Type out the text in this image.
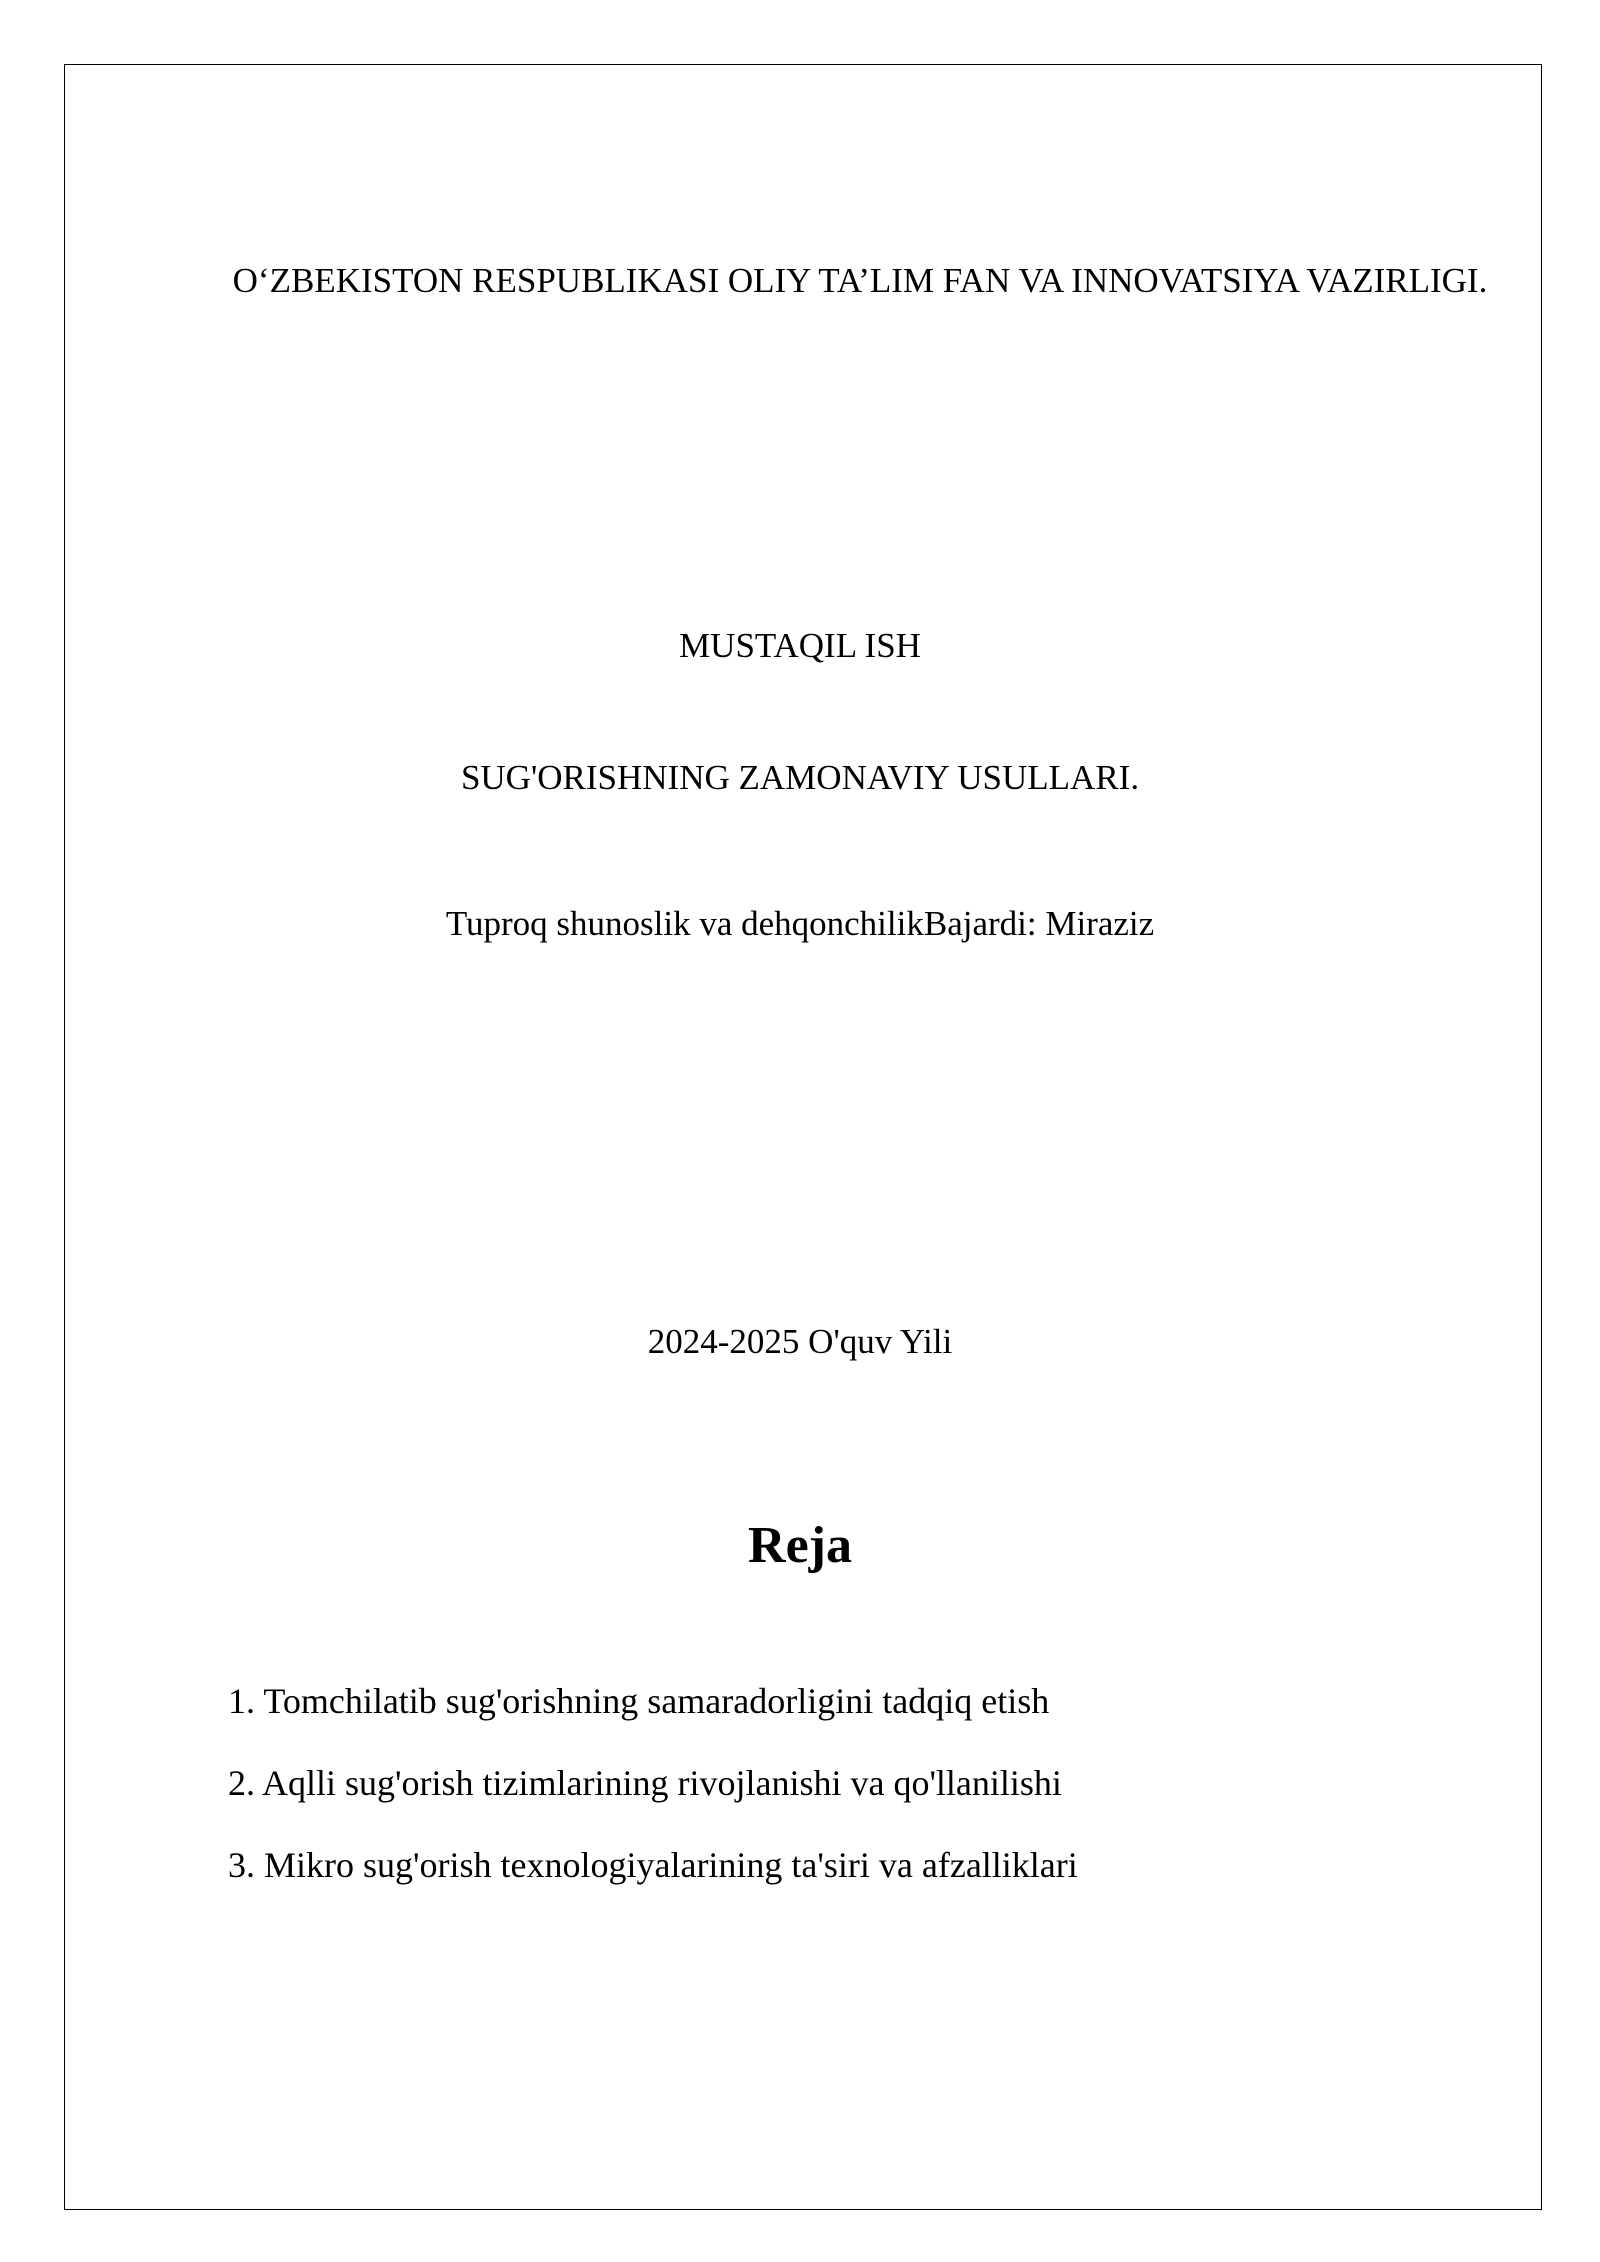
O‘ZBEKISTON RESPUBLIKASI OLIY TA’LIM FAN VA INNOVATSIYA VAZIRLIGI.
MUSTAQIL ISH
SUG'ORISHNING ZAMONAVIY USULLARI.
Tuproq shunoslik va dehqonchilikBajardi: Miraziz
2024-2025 O'quv Yili
Reja
1. Tomchilatib sug'orishning samaradorligini tadqiq etish
2. Aqlli sug'orish tizimlarining rivojlanishi va qo'llanilishi
3. Mikro sug'orish texnologiyalarining ta'siri va afzalliklari
